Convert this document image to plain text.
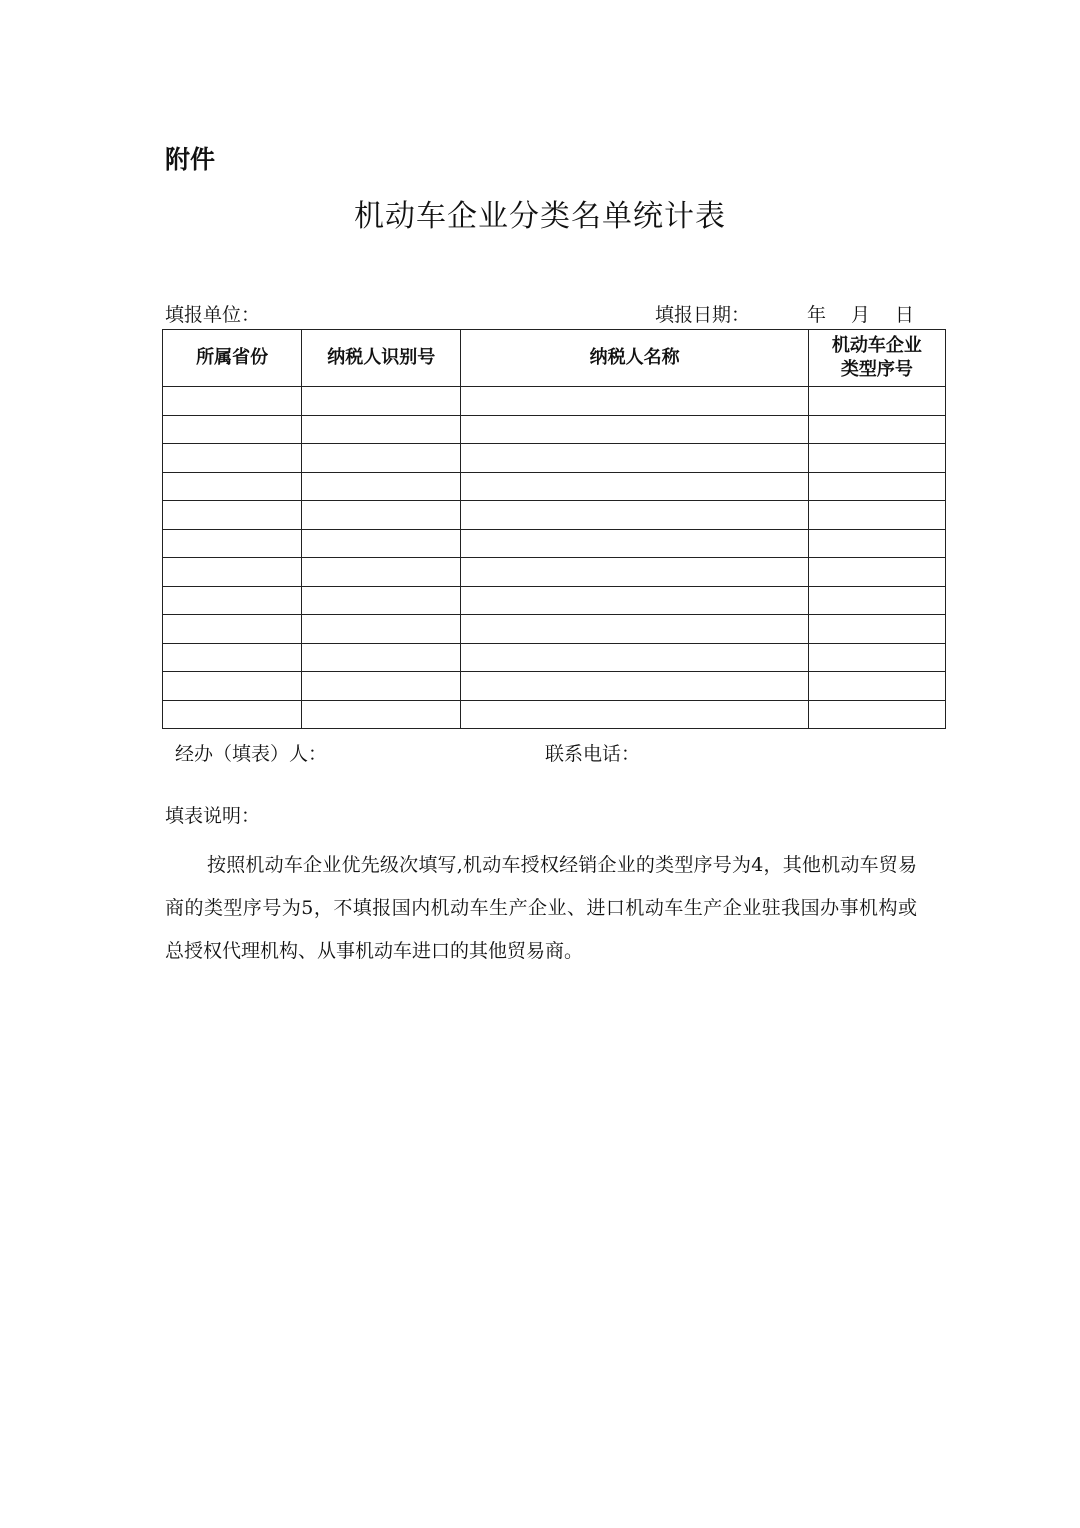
附件
机动车企业分类名单统计表
填报单位：	填报日期：	年 月 日
所属省份	纳税人识别号	纳税人名称	机动车企业
类型序号

经办（填表）人：	联系电话：
填表说明：

按照机动车企业优先级次填写,机动车授权经销企业的类型序号为4，其他机动车贸易商的类型序号为5，不填报国内机动车生产企业、进口机动车生产企业驻我国办事机构或总授权代理机构、从事机动车进口的其他贸易商。
